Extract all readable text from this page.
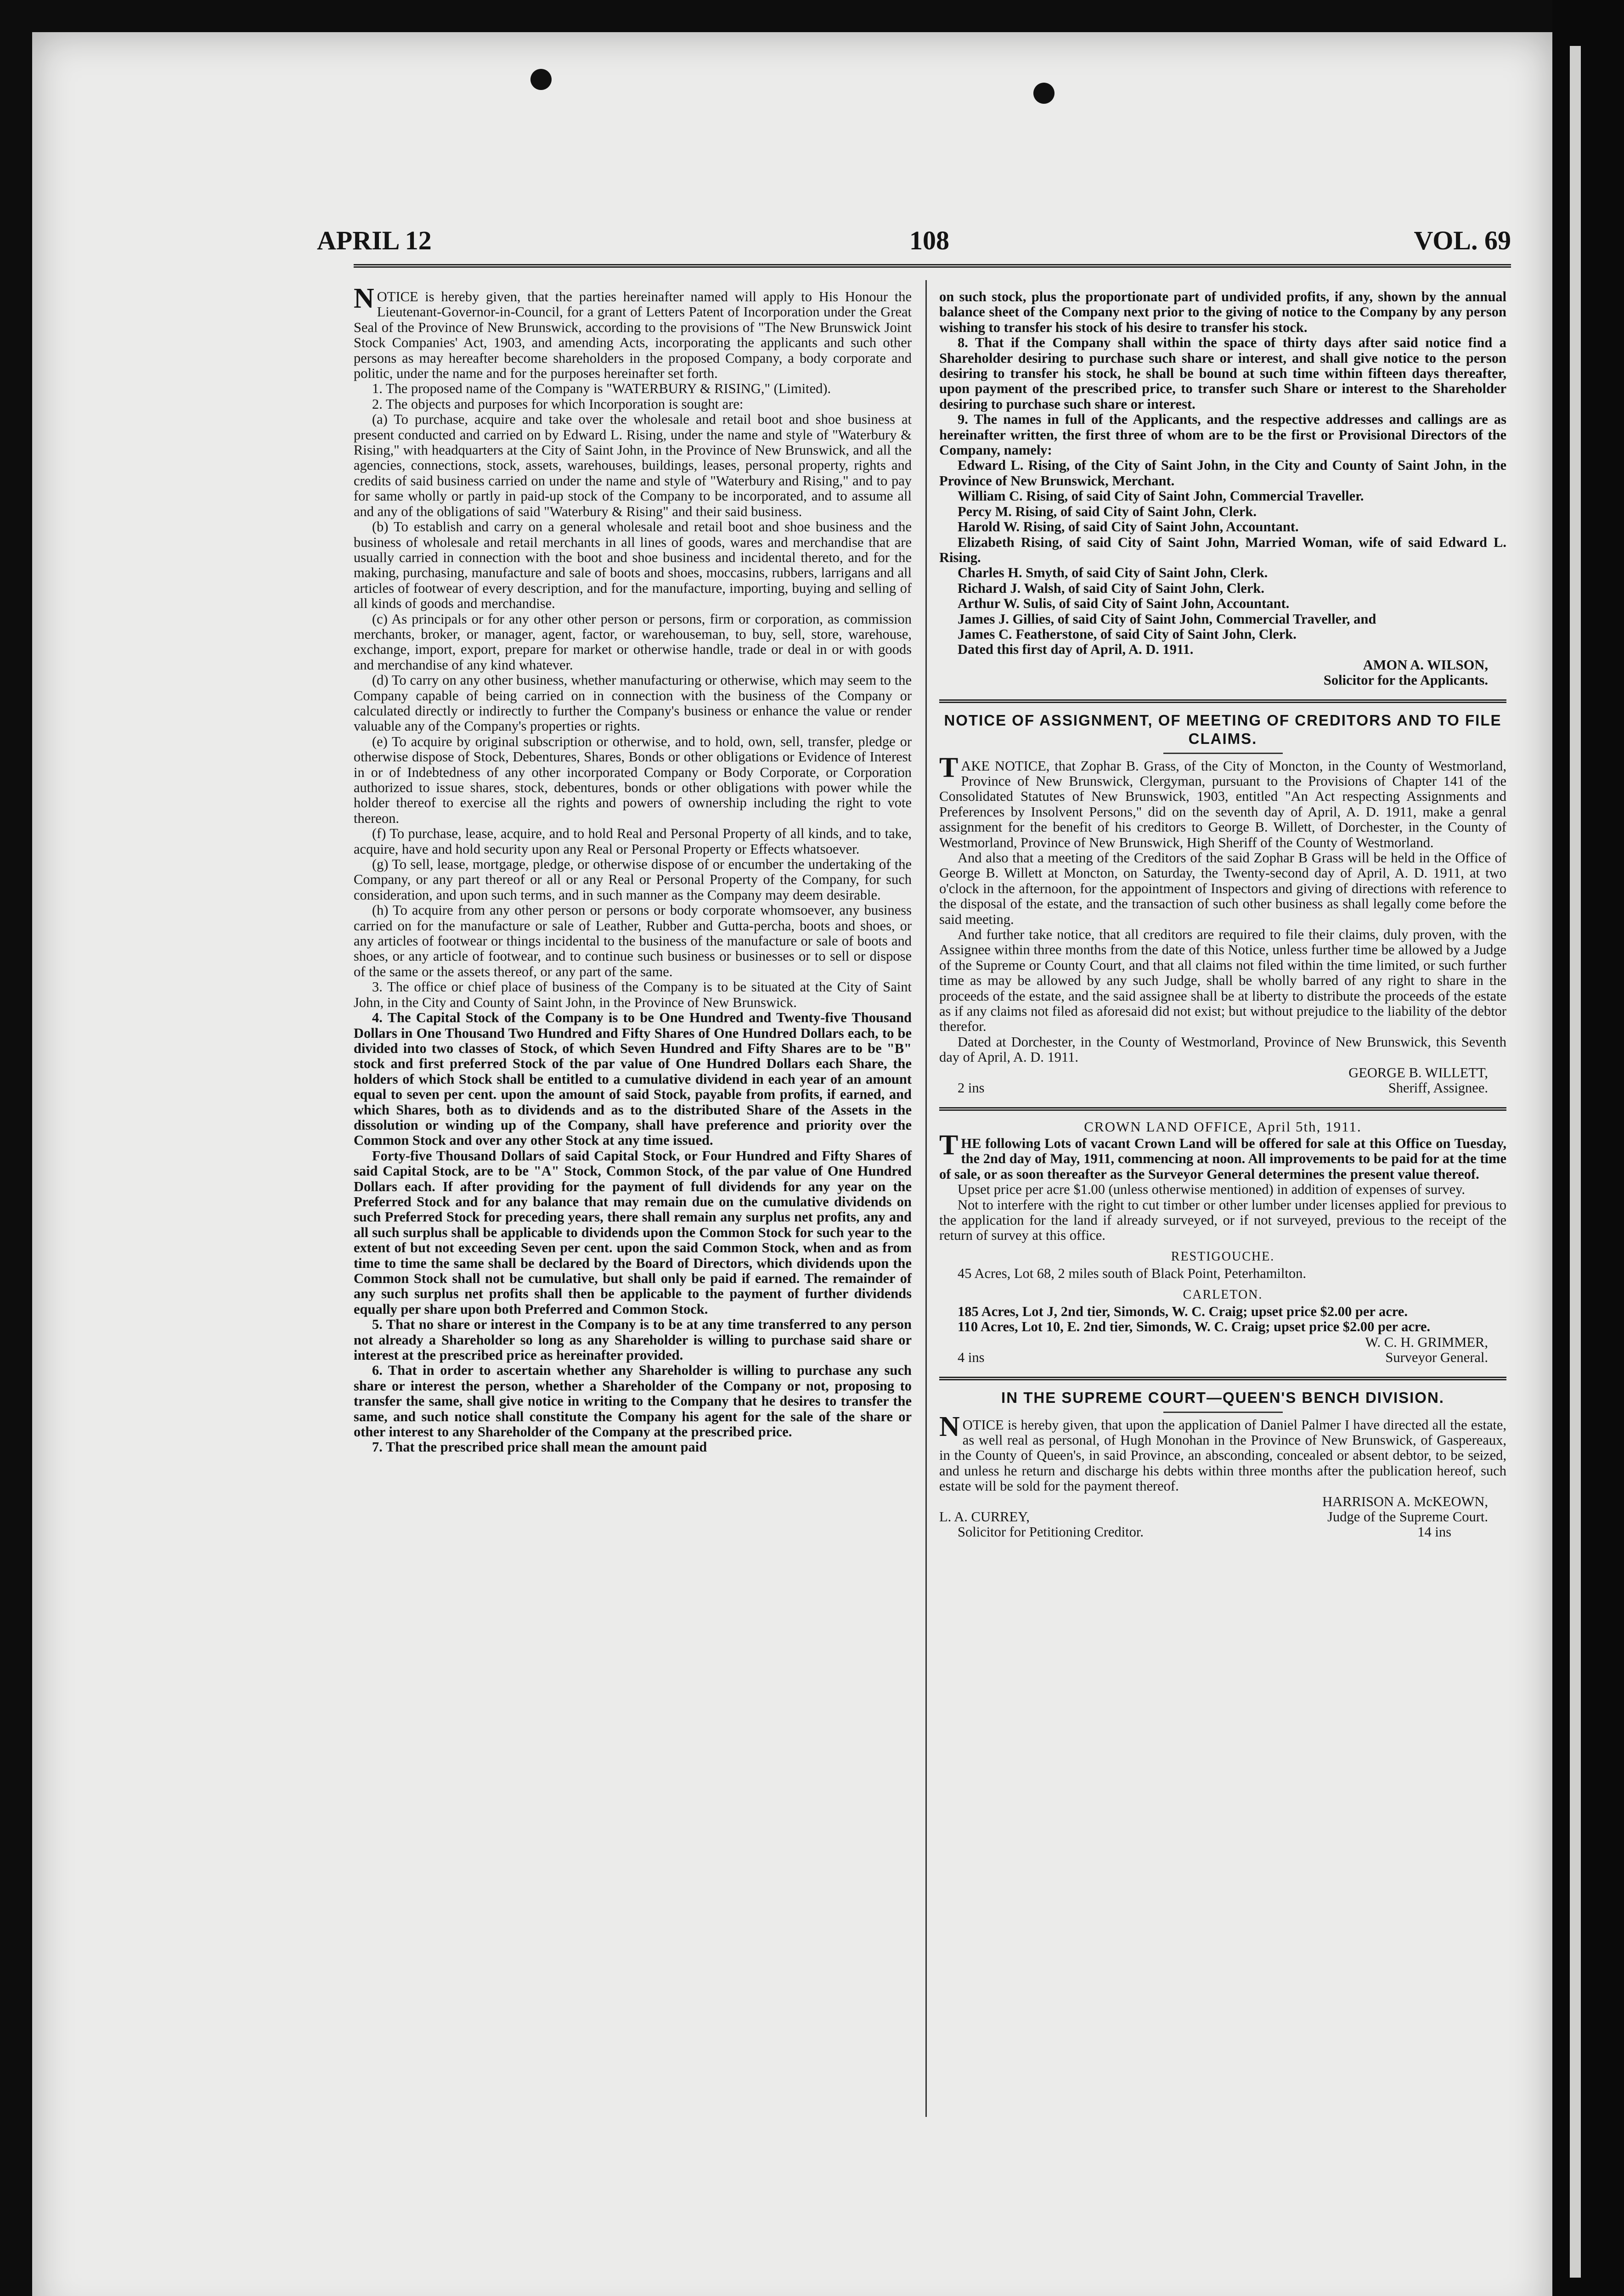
APRIL 12	108	VOL. 69

NOTICE is hereby given, that the parties hereinafter named will apply to His Honour the Lieutenant-Governor-in-Council, for a grant of Letters Patent of Incorporation under the Great Seal of the Province of New Brunswick, according to the provisions of "The New Brunswick Joint Stock Companies' Act, 1903, and amending Acts, incorporating the applicants and such other persons as may hereafter become shareholders in the proposed Company, a body corporate and politic, under the name and for the purposes hereinafter set forth.

1. The proposed name of the Company is "WATERBURY & RISING," (Limited).

2. The objects and purposes for which Incorporation is sought are:

(a) To purchase, acquire and take over the wholesale and retail boot and shoe business at present conducted and carried on by Edward L. Rising, under the name and style of "Waterbury & Rising," with headquarters at the City of Saint John, in the Province of New Brunswick, and all the agencies, connections, stock, assets, warehouses, buildings, leases, personal property, rights and credits of said business carried on under the name and style of "Waterbury and Rising," and to pay for same wholly or partly in paid-up stock of the Company to be incorporated, and to assume all and any of the obligations of said "Waterbury & Rising" and their said business.

(b) To establish and carry on a general wholesale and retail boot and shoe business and the business of wholesale and retail merchants in all lines of goods, wares and merchandise that are usually carried in connection with the boot and shoe business and incidental thereto, and for the making, purchasing, manufacture and sale of boots and shoes, moccasins, rubbers, larrigans and all articles of footwear of every description, and for the manufacture, importing, buying and selling of all kinds of goods and merchandise.

(c) As principals or for any other other person or persons, firm or corporation, as commission merchants, broker, or manager, agent, factor, or warehouseman, to buy, sell, store, warehouse, exchange, import, export, prepare for market or otherwise handle, trade or deal in or with goods and merchandise of any kind whatever.

(d) To carry on any other business, whether manufacturing or otherwise, which may seem to the Company capable of being carried on in connection with the business of the Company or calculated directly or indirectly to further the Company's business or enhance the value or render valuable any of the Company's properties or rights.

(e) To acquire by original subscription or otherwise, and to hold, own, sell, transfer, pledge or otherwise dispose of Stock, Debentures, Shares, Bonds or other obligations or Evidence of Interest in or of Indebtedness of any other incorporated Company or Body Corporate, or Corporation authorized to issue shares, stock, debentures, bonds or other obligations with power while the holder thereof to exercise all the rights and powers of ownership including the right to vote thereon.

(f) To purchase, lease, acquire, and to hold Real and Personal Property of all kinds, and to take, acquire, have and hold security upon any Real or Personal Property or Effects whatsoever.

(g) To sell, lease, mortgage, pledge, or otherwise dispose of or encumber the undertaking of the Company, or any part thereof or all or any Real or Personal Property of the Company, for such consideration, and upon such terms, and in such manner as the Company may deem desirable.

(h) To acquire from any other person or persons or body corporate whomsoever, any business carried on for the manufacture or sale of Leather, Rubber and Gutta-percha, boots and shoes, or any articles of footwear or things incidental to the business of the manufacture or sale of boots and shoes, or any article of footwear, and to continue such business or businesses or to sell or dispose of the same or the assets thereof, or any part of the same.

3. The office or chief place of business of the Company is to be situated at the City of Saint John, in the City and County of Saint John, in the Province of New Brunswick.

4. The Capital Stock of the Company is to be One Hundred and Twenty-five Thousand Dollars in One Thousand Two Hundred and Fifty Shares of One Hundred Dollars each, to be divided into two classes of Stock, of which Seven Hundred and Fifty Shares are to be "B" stock and first preferred Stock of the par value of One Hundred Dollars each Share, the holders of which Stock shall be entitled to a cumulative dividend in each year of an amount equal to seven per cent. upon the amount of said Stock, payable from profits, if earned, and which Shares, both as to dividends and as to the distributed Share of the Assets in the dissolution or winding up of the Company, shall have preference and priority over the Common Stock and over any other Stock at any time issued.

Forty-five Thousand Dollars of said Capital Stock, or Four Hundred and Fifty Shares of said Capital Stock, are to be "A" Stock, Common Stock, of the par value of One Hundred Dollars each. If after providing for the payment of full dividends for any year on the Preferred Stock and for any balance that may remain due on the cumulative dividends on such Preferred Stock for preceding years, there shall remain any surplus net profits, any and all such surplus shall be applicable to dividends upon the Common Stock for such year to the extent of but not exceeding Seven per cent. upon the said Common Stock, when and as from time to time the same shall be declared by the Board of Directors, which dividends upon the Common Stock shall not be cumulative, but shall only be paid if earned. The remainder of any such surplus net profits shall then be applicable to the payment of further dividends equally per share upon both Preferred and Common Stock.

5. That no share or interest in the Company is to be at any time transferred to any person not already a Shareholder so long as any Shareholder is willing to purchase said share or interest at the prescribed price as hereinafter provided.

6. That in order to ascertain whether any Shareholder is willing to purchase any such share or interest the person, whether a Shareholder of the Company or not, proposing to transfer the same, shall give notice in writing to the Company that he desires to transfer the same, and such notice shall constitute the Company his agent for the sale of the share or other interest to any Shareholder of the Company at the prescribed price.

7. That the prescribed price shall mean the amount paid

on such stock, plus the proportionate part of undivided profits, if any, shown by the annual balance sheet of the Company next prior to the giving of notice to the Company by any person wishing to transfer his stock of his desire to transfer his stock.

8. That if the Company shall within the space of thirty days after said notice find a Shareholder desiring to purchase such share or interest, and shall give notice to the person desiring to transfer his stock, he shall be bound at such time within fifteen days thereafter, upon payment of the prescribed price, to transfer such Share or interest to the Shareholder desiring to purchase such share or interest.

9. The names in full of the Applicants, and the respective addresses and callings are as hereinafter written, the first three of whom are to be the first or Provisional Directors of the Company, namely:

Edward L. Rising, of the City of Saint John, in the City and County of Saint John, in the Province of New Brunswick, Merchant.

William C. Rising, of said City of Saint John, Commercial Traveller.

Percy M. Rising, of said City of Saint John, Clerk.

Harold W. Rising, of said City of Saint John, Accountant.

Elizabeth Rising, of said City of Saint John, Married Woman, wife of said Edward L. Rising.

Charles H. Smyth, of said City of Saint John, Clerk.

Richard J. Walsh, of said City of Saint John, Clerk.

Arthur W. Sulis, of said City of Saint John, Accountant.

James J. Gillies, of said City of Saint John, Commercial Traveller, and

James C. Featherstone, of said City of Saint John, Clerk.

Dated this first day of April, A. D. 1911.

AMON A. WILSON,

Solicitor for the Applicants.

NOTICE OF ASSIGNMENT, OF MEETING OF CREDITORS AND TO FILE CLAIMS.

TAKE NOTICE, that Zophar B. Grass, of the City of Moncton, in the County of Westmorland, Province of New Brunswick, Clergyman, pursuant to the Provisions of Chapter 141 of the Consolidated Statutes of New Brunswick, 1903, entitled "An Act respecting Assignments and Preferences by Insolvent Persons," did on the seventh day of April, A. D. 1911, make a genral assignment for the benefit of his creditors to George B. Willett, of Dorchester, in the County of Westmorland, Province of New Brunswick, High Sheriff of the County of Westmorland.

And also that a meeting of the Creditors of the said Zophar B Grass will be held in the Office of George B. Willett at Moncton, on Saturday, the Twenty-second day of April, A. D. 1911, at two o'clock in the afternoon, for the appointment of Inspectors and giving of directions with reference to the disposal of the estate, and the transaction of such other business as shall legally come before the said meeting.

And further take notice, that all creditors are required to file their claims, duly proven, with the Assignee within three months from the date of this Notice, unless further time be allowed by a Judge of the Supreme or County Court, and that all claims not filed within the time limited, or such further time as may be allowed by any such Judge, shall be wholly barred of any right to share in the proceeds of the estate, and the said assignee shall be at liberty to distribute the proceeds of the estate as if any claims not filed as aforesaid did not exist; but without prejudice to the liability of the debtor therefor.

Dated at Dorchester, in the County of Westmorland, Province of New Brunswick, this Seventh day of April, A. D. 1911.

GEORGE B. WILLETT,

2 ins	Sheriff, Assignee.
CROWN LAND OFFICE, April 5th, 1911.

THE following Lots of vacant Crown Land will be offered for sale at this Office on Tuesday, the 2nd day of May, 1911, commencing at noon. All improvements to be paid for at the time of sale, or as soon thereafter as the Surveyor General determines the present value thereof.

Upset price per acre $1.00 (unless otherwise mentioned) in addition of expenses of survey.

Not to interfere with the right to cut timber or other lumber under licenses applied for previous to the application for the land if already surveyed, or if not surveyed, previous to the receipt of the return of survey at this office.

RESTIGOUCHE.

45 Acres, Lot 68, 2 miles south of Black Point, Peterhamilton.

CARLETON.

185 Acres, Lot J, 2nd tier, Simonds, W. C. Craig; upset price $2.00 per acre.

110 Acres, Lot 10, E. 2nd tier, Simonds, W. C. Craig; upset price $2.00 per acre.

W. C. H. GRIMMER,

4 ins	Surveyor General.
IN THE SUPREME COURT—QUEEN'S BENCH DIVISION.

NOTICE is hereby given, that upon the application of Daniel Palmer I have directed all the estate, as well real as personal, of Hugh Monohan in the Province of New Brunswick, of Gaspereaux, in the County of Queen's, in said Province, an absconding, concealed or absent debtor, to be seized, and unless he return and discharge his debts within three months after the publication hereof, such estate will be sold for the payment thereof.

HARRISON A. McKEOWN,

L. A. CURREY,	Judge of the Supreme Court.
Solicitor for Petitioning Creditor.	14 ins
